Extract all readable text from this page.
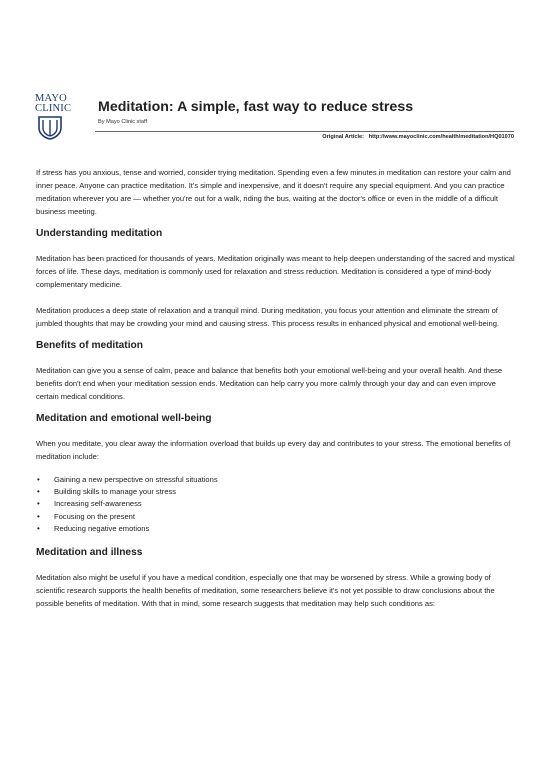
MAYO
CLINIC	Meditation: A simple, fast way to reduce stress
By Mayo Clinic staff
Original Article: http://www.mayoclinic.com/health/meditation/HQ01070

If stress has you anxious, tense and worried, consider trying meditation. Spending even a few minutes in meditation can restore your calm and inner peace. Anyone can practice meditation. It's simple and inexpensive, and it doesn't require any special equipment. And you can practice meditation wherever you are — whether you're out for a walk, riding the bus, waiting at the doctor's office or even in the middle of a difficult business meeting.

Understanding meditation

Meditation has been practiced for thousands of years. Meditation originally was meant to help deepen understanding of the sacred and mystical forces of life. These days, meditation is commonly used for relaxation and stress reduction. Meditation is considered a type of mind-body complementary medicine.

Meditation produces a deep state of relaxation and a tranquil mind. During meditation, you focus your attention and eliminate the stream of jumbled thoughts that may be crowding your mind and causing stress. This process results in enhanced physical and emotional well-being.

Benefits of meditation

Meditation can give you a sense of calm, peace and balance that benefits both your emotional well-being and your overall health. And these benefits don't end when your meditation session ends. Meditation can help carry you more calmly through your day and can even improve certain medical conditions.

Meditation and emotional well-being

When you meditate, you clear away the information overload that builds up every day and contributes to your stress. The emotional benefits of meditation include:

• Gaining a new perspective on stressful situations
• Building skills to manage your stress
• Increasing self-awareness
• Focusing on the present
• Reducing negative emotions
Meditation and illness

Meditation also might be useful if you have a medical condition, especially one that may be worsened by stress. While a growing body of scientific research supports the health benefits of meditation, some researchers believe it's not yet possible to draw conclusions about the possible benefits of meditation. With that in mind, some research suggests that meditation may help such conditions as:
